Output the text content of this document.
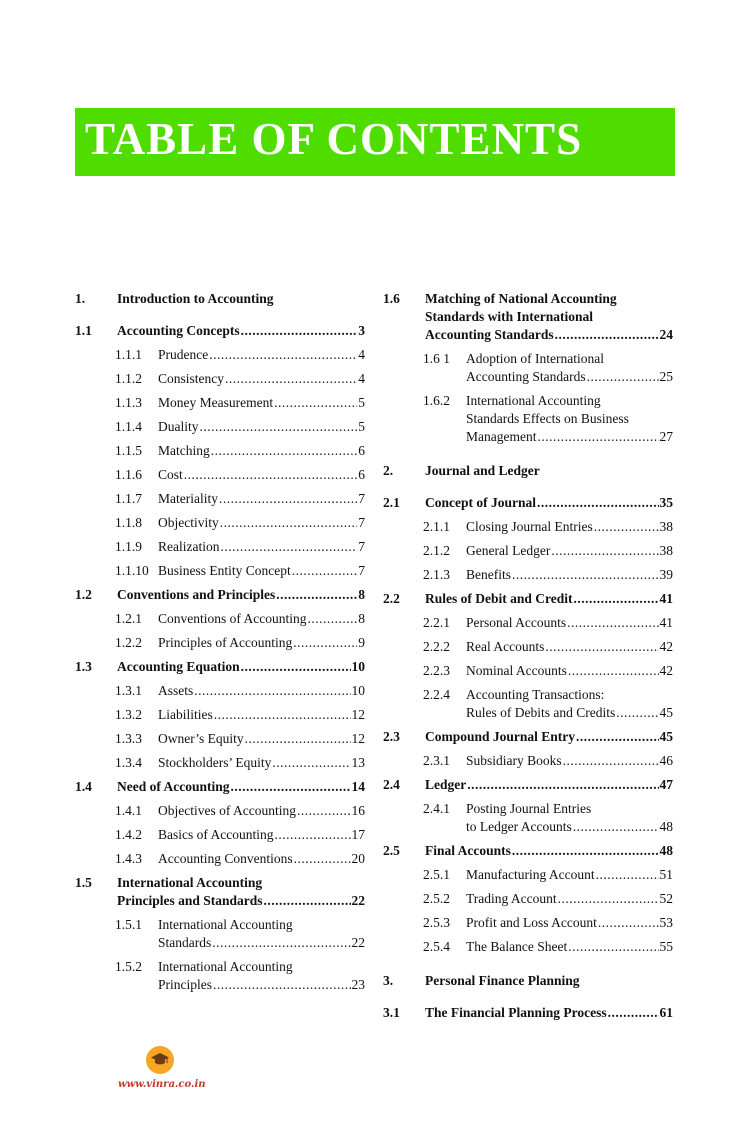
TABLE OF CONTENTS
1. Introduction to Accounting
1.1 Accounting Concepts .....	3
1.1.1 Prudence .....	4
1.1.2 Consistency .....	4
1.1.3 Money Measurement .....	5
1.1.4 Duality .....	5
1.1.5 Matching .....	6
1.1.6 Cost .....	6
1.1.7 Materiality .....	7
1.1.8 Objectivity .....	7
1.1.9 Realization .....	7
1.1.10 Business Entity Concept .....	7
1.2 Conventions and Principles .....	8
1.2.1 Conventions of Accounting .....	8
1.2.2 Principles of Accounting .....	9
1.3 Accounting Equation .....	10
1.3.1 Assets .....	10
1.3.2 Liabilities .....	12
1.3.3 Owner’s Equity .....	12
1.3.4 Stockholders’ Equity .....	13
1.4 Need of Accounting .....	14
1.4.1 Objectives of Accounting .....	16
1.4.2 Basics of Accounting .....	17
1.4.3 Accounting Conventions .....	20
1.5 International Accounting
Principles and Standards .....	22
1.5.1 International Accounting
Standards .....	22
1.5.2 International Accounting
Principles .....	23
1.6 Matching of National Accounting
Standards with International
Accounting Standards .....	24
1.6 1 Adoption of International
Accounting Standards .....	25
1.6.2 International Accounting
Standards Effects on Business
Management .....	27
2. Journal and Ledger
2.1 Concept of Journal .....	35
2.1.1 Closing Journal Entries .....	38
2.1.2 General Ledger .....	38
2.1.3 Benefits .....	39
2.2 Rules of Debit and Credit .....	41
2.2.1 Personal Accounts .....	41
2.2.2 Real Accounts .....	42
2.2.3 Nominal Accounts .....	42
2.2.4 Accounting Transactions:
Rules of Debits and Credits .....	45
2.3 Compound Journal Entry .....	45
2.3.1 Subsidiary Books .....	46
2.4 Ledger .....	47
2.4.1 Posting Journal Entries
to Ledger Accounts .....	48
2.5 Final Accounts .....	48
2.5.1 Manufacturing Account .....	51
2.5.2 Trading Account .....	52
2.5.3 Profit and Loss Account .....	53
2.5.4 The Balance Sheet .....	55
3. Personal Finance Planning
3.1 The Financial Planning Process .....	61
www.vinra.co.in
